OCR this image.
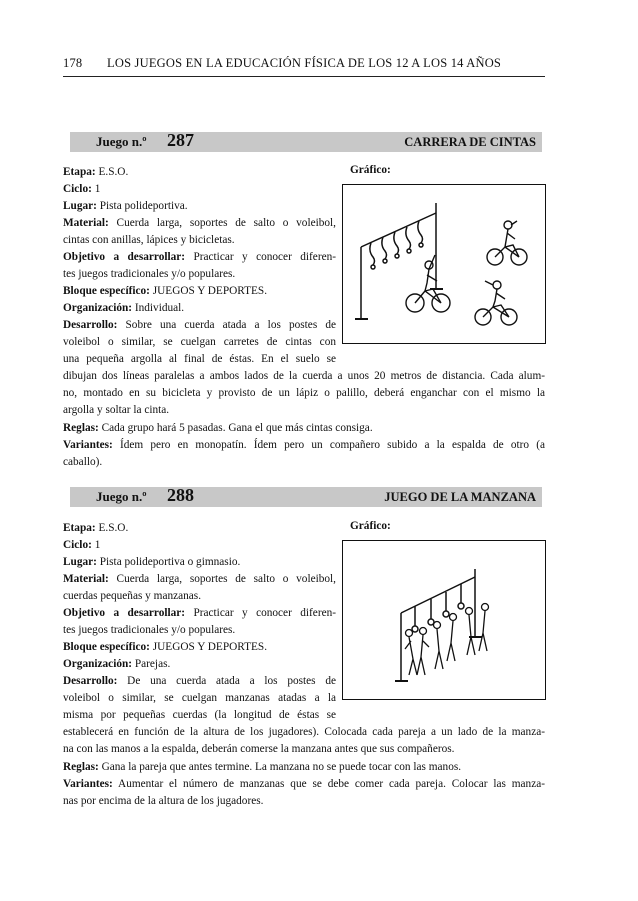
178 LOS JUEGOS EN LA EDUCACIÓN FÍSICA DE LOS 12 A LOS 14 AÑOS
Juego n.º 287	CARRERA DE CINTAS
Gráfico:
Etapa: E.S.O.
Ciclo: 1
Lugar: Pista polideportiva.
Material: Cuerda larga, soportes de salto o voleibol,
cintas con anillas, lápices y bicicletas.
Objetivo a desarrollar: Practicar y conocer diferen-
tes juegos tradicionales y/o populares.
Bloque específico: JUEGOS Y DEPORTES.
Organización: Individual.
Desarrollo: Sobre una cuerda atada a los postes de
voleibol o similar, se cuelgan carretes de cintas con
una pequeña argolla al final de éstas. En el suelo se
dibujan dos líneas paralelas a ambos lados de la cuerda a unos 20 metros de distancia. Cada alum-
no, montado en su bicicleta y provisto de un lápiz o palillo, deberá enganchar con el mismo la
argolla y soltar la cinta.
Reglas: Cada grupo hará 5 pasadas. Gana el que más cintas consiga.
Variantes: Ídem pero en monopatín. Ídem pero un compañero subido a la espalda de otro (a
caballo).
Juego n.º 288	JUEGO DE LA MANZANA
Gráfico:
Etapa: E.S.O.
Ciclo: 1
Lugar: Pista polideportiva o gimnasio.
Material: Cuerda larga, soportes de salto o voleibol,
cuerdas pequeñas y manzanas.
Objetivo a desarrollar: Practicar y conocer diferen-
tes juegos tradicionales y/o populares.
Bloque específico: JUEGOS Y DEPORTES.
Organización: Parejas.
Desarrollo: De una cuerda atada a los postes de
voleibol o similar, se cuelgan manzanas atadas a la
misma por pequeñas cuerdas (la longitud de éstas se
establecerá en función de la altura de los jugadores). Colocada cada pareja a un lado de la manza-
na con las manos a la espalda, deberán comerse la manzana antes que sus compañeros.
Reglas: Gana la pareja que antes termine. La manzana no se puede tocar con las manos.
Variantes: Aumentar el número de manzanas que se debe comer cada pareja. Colocar las manza-
nas por encima de la altura de los jugadores.
